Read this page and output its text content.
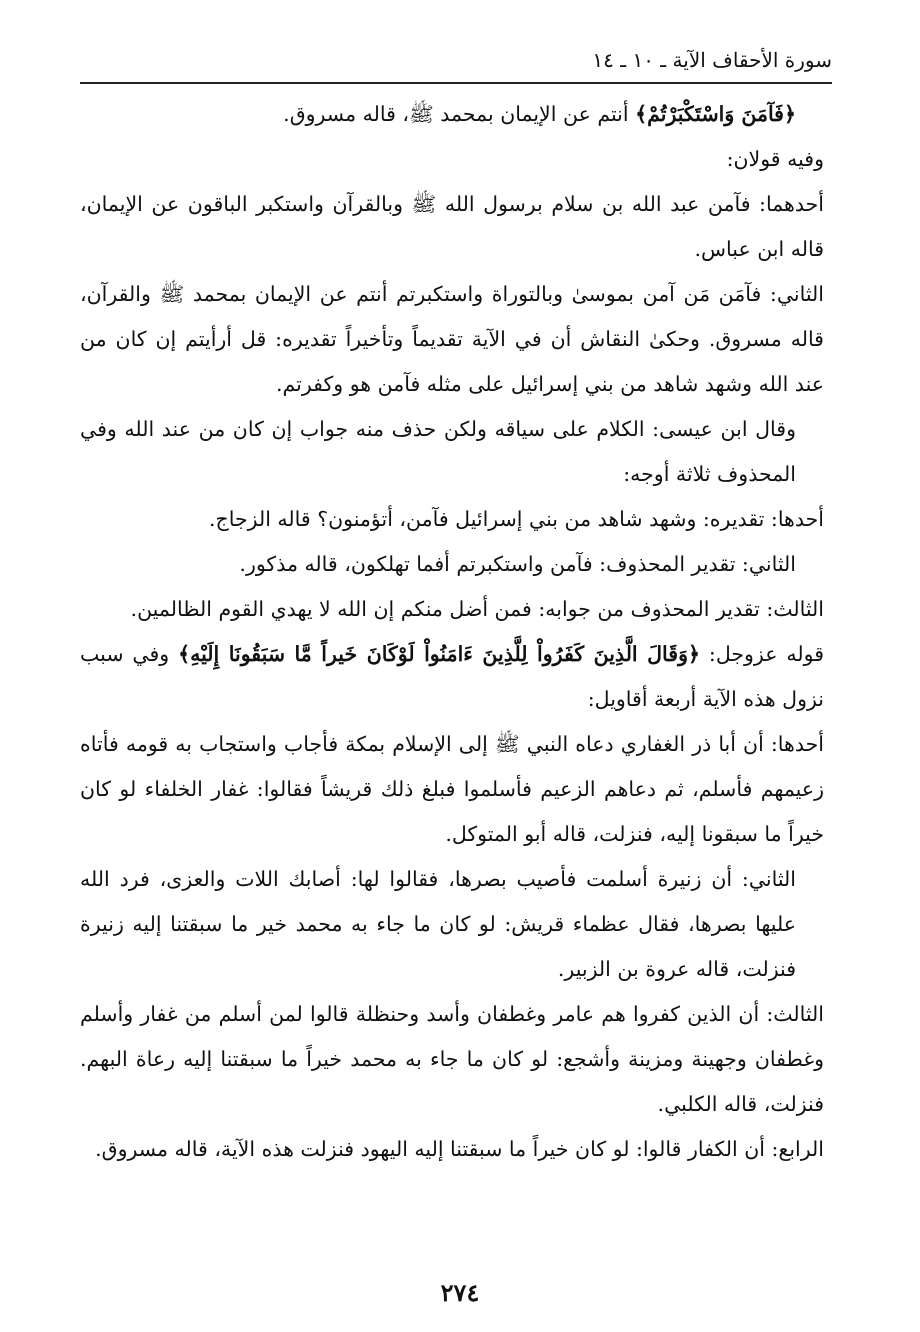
سورة الأحقاف الآية ـ ١٠ ـ ١٤

﴿فَآمَنَ وَاسْتَكْبَرْتُمْ﴾ أنتم عن الإيمان بمحمد ﷺ، قاله مسروق.

وفيه قولان:

أحدهما: فآمن عبد الله بن سلام برسول الله ﷺ وبالقرآن واستكبر الباقون عن الإيمان، قاله ابن عباس.

الثاني: فآمَن مَن آمن بموسىٰ وبالتوراة واستكبرتم أنتم عن الإيمان بمحمد ﷺ والقرآن، قاله مسروق. وحكىٰ النقاش أن في الآية تقديماً وتأخيراً تقديره: قل أرأيتم إن كان من عند الله وشهد شاهد من بني إسرائيل على مثله فآمن هو وكفرتم.

وقال ابن عيسى: الكلام على سياقه ولكن حذف منه جواب إن كان من عند الله وفي المحذوف ثلاثة أوجه:

أحدها: تقديره: وشهد شاهد من بني إسرائيل فآمن، أتؤمنون؟ قاله الزجاج.

الثاني: تقدير المحذوف: فآمن واستكبرتم أفما تهلكون، قاله مذكور.

الثالث: تقدير المحذوف من جوابه: فمن أضل منكم إن الله لا يهدي القوم الظالمين.

قوله عزوجل: ﴿وَقَالَ الَّذِينَ كَفَرُواْ لِلَّذِينَ ءَامَنُواْ لَوْكَانَ خَيراً مَّا سَبَقُونَا إِلَيْهِ﴾ وفي سبب نزول هذه الآية أربعة أقاويل:

أحدها: أن أبا ذر الغفاري دعاه النبي ﷺ إلى الإسلام بمكة فأجاب واستجاب به قومه فأتاه زعيمهم فأسلم، ثم دعاهم الزعيم فأسلموا فبلغ ذلك قريشاً فقالوا: غفار الخلفاء لو كان خيراً ما سبقونا إليه، فنزلت، قاله أبو المتوكل.

الثاني: أن زنيرة أسلمت فأصيب بصرها، فقالوا لها: أصابك اللات والعزى، فرد الله عليها بصرها، فقال عظماء قريش: لو كان ما جاء به محمد خير ما سبقتنا إليه زنيرة فنزلت، قاله عروة بن الزبير.

الثالث: أن الذين كفروا هم عامر وغطفان وأسد وحنظلة قالوا لمن أسلم من غفار وأسلم وغطفان وجهينة ومزينة وأشجع: لو كان ما جاء به محمد خيراً ما سبقتنا إليه رعاة البهم. فنزلت، قاله الكلبي.

الرابع: أن الكفار قالوا: لو كان خيراً ما سبقتنا إليه اليهود فنزلت هذه الآية، قاله مسروق.

٢٧٤
